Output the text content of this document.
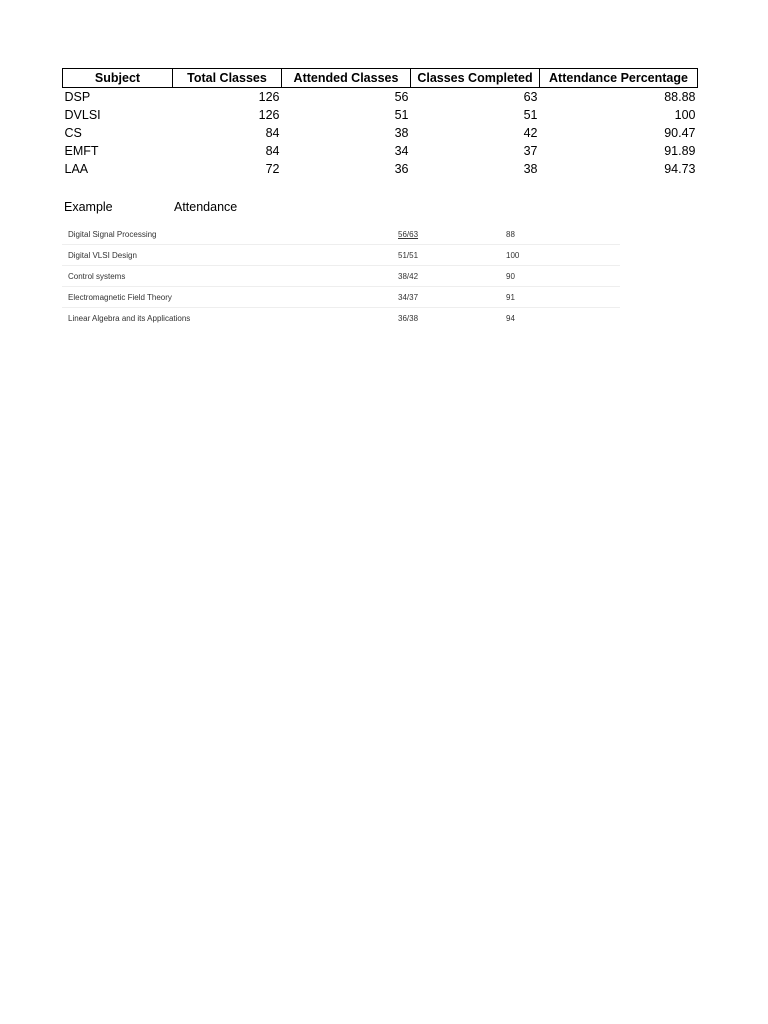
Subject	Total Classes	Attended Classes	Classes Completed	Attendance Percentage
DSP	126	56	63	88.88
DVLSI	126	51	51	100
CS	84	38	42	90.47
EMFT	84	34	37	91.89
LAA	72	36	38	94.73
Example	Attendance
Digital Signal Processing	56/63	88
Digital VLSI Design	51/51	100
Control systems	38/42	90
Electromagnetic Field Theory	34/37	91
Linear Algebra and its Applications	36/38	94
